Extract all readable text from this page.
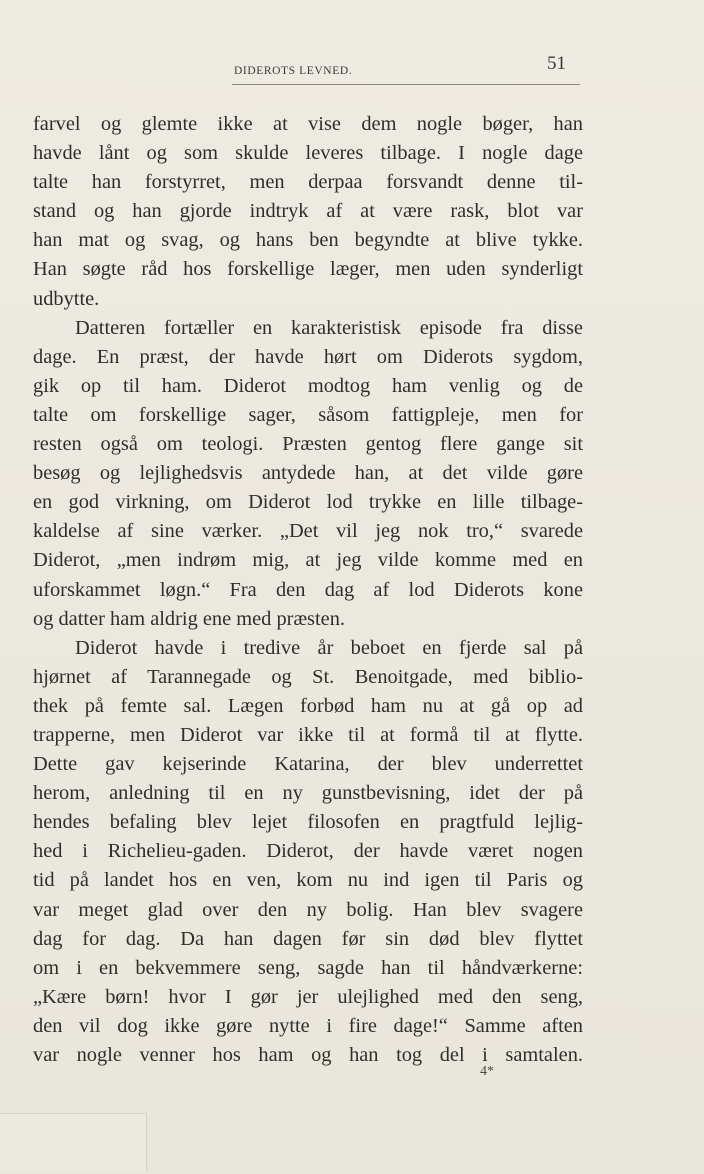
DIDEROTS LEVNED.	51
farvel og glemte ikke at vise dem nogle bøger, han
havde lånt og som skulde leveres tilbage. I nogle dage
talte han forstyrret, men derpaa forsvandt denne til-
stand og han gjorde indtryk af at være rask, blot var
han mat og svag, og hans ben begyndte at blive tykke.
Han søgte råd hos forskellige læger, men uden synderligt
udbytte.
Datteren fortæller en karakteristisk episode fra disse
dage. En præst, der havde hørt om Diderots sygdom,
gik op til ham. Diderot modtog ham venlig og de
talte om forskellige sager, såsom fattigpleje, men for
resten også om teologi. Præsten gentog flere gange sit
besøg og lejlighedsvis antydede han, at det vilde gøre
en god virkning, om Diderot lod trykke en lille tilbage-
kaldelse af sine værker. „Det vil jeg nok tro,“ svarede
Diderot, „men indrøm mig, at jeg vilde komme med en
uforskammet løgn.“ Fra den dag af lod Diderots kone
og datter ham aldrig ene med præsten.
Diderot havde i tredive år beboet en fjerde sal på
hjørnet af Tarannegade og St. Benoitgade, med biblio-
thek på femte sal. Lægen forbød ham nu at gå op ad
trapperne, men Diderot var ikke til at formå til at flytte.
Dette gav kejserinde Katarina, der blev underrettet
herom, anledning til en ny gunstbevisning, idet der på
hendes befaling blev lejet filosofen en pragtfuld lejlig-
hed i Richelieu-gaden. Diderot, der havde været nogen
tid på landet hos en ven, kom nu ind igen til Paris og
var meget glad over den ny bolig. Han blev svagere
dag for dag. Da han dagen før sin død blev flyttet
om i en bekvemmere seng, sagde han til håndværkerne:
„Kære børn! hvor I gør jer ulejlighed med den seng,
den vil dog ikke gøre nytte i fire dage!“ Samme aften
var nogle venner hos ham og han tog del i samtalen.
4*
